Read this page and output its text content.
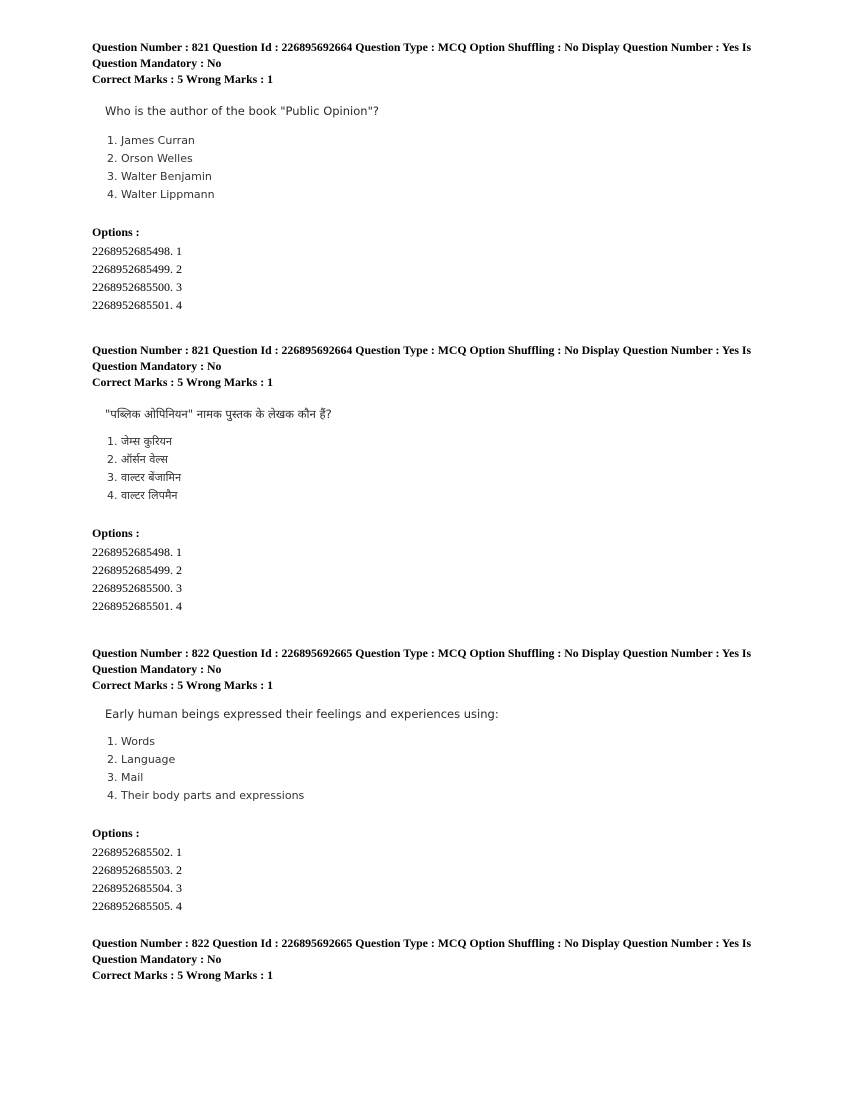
Question Number : 821 Question Id : 226895692664 Question Type : MCQ Option Shuffling : No Display Question Number : Yes Is

Question Mandatory : No

Correct Marks : 5 Wrong Marks : 1

Who is the author of the book "Public Opinion"?

1. James Curran
2. Orson Welles
3. Walter Benjamin
4. Walter Lippmann

Options :

2268952685498. 1
2268952685499. 2
2268952685500. 3
2268952685501. 4

Question Number : 821 Question Id : 226895692664 Question Type : MCQ Option Shuffling : No Display Question Number : Yes Is

Question Mandatory : No

Correct Marks : 5 Wrong Marks : 1

"पब्लिक ओपिनियन" नामक पुस्तक के लेखक कौन हैं?

1. जेम्स कुरियन
2. ऑर्सन वेल्स
3. वाल्टर बेंजामिन
4. वाल्टर लिपमैन

Options :

2268952685498. 1
2268952685499. 2
2268952685500. 3
2268952685501. 4

Question Number : 822 Question Id : 226895692665 Question Type : MCQ Option Shuffling : No Display Question Number : Yes Is

Question Mandatory : No

Correct Marks : 5 Wrong Marks : 1

Early human beings expressed their feelings and experiences using:

1. Words
2. Language
3. Mail
4. Their body parts and expressions

Options :

2268952685502. 1
2268952685503. 2
2268952685504. 3
2268952685505. 4

Question Number : 822 Question Id : 226895692665 Question Type : MCQ Option Shuffling : No Display Question Number : Yes Is

Question Mandatory : No

Correct Marks : 5 Wrong Marks : 1
